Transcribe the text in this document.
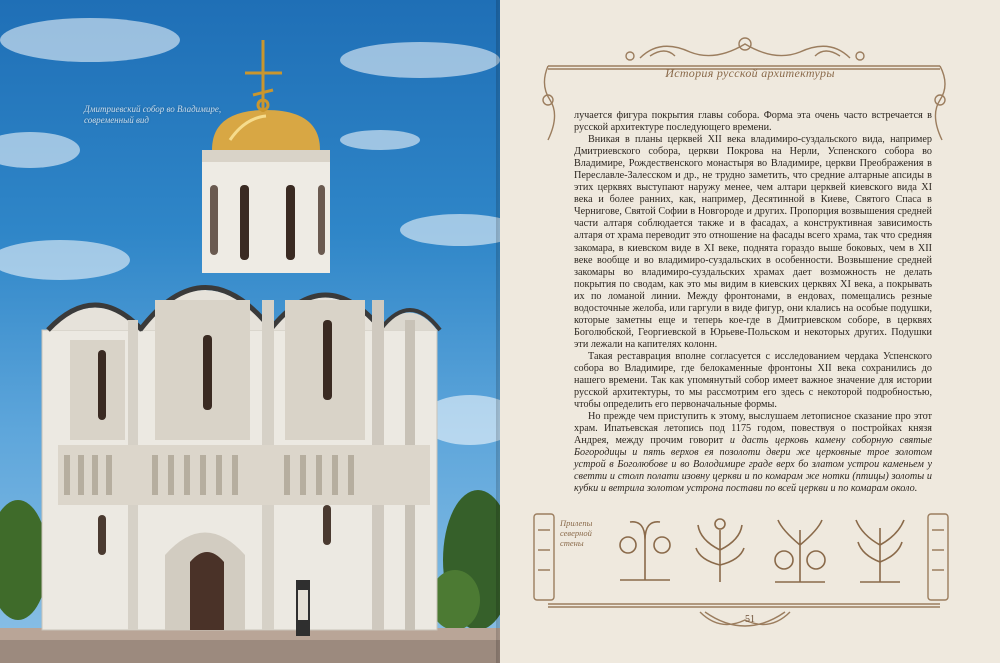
Дмитриевский собор во Владимире, современный вид
История русской архитектуры

лучается фигура покрытия главы собора. Форма эта очень часто встречается в русской архитектуре последующего времени.

Вникая в планы церквей XII века владимиро-суздальского вида, например Дмитриевского собора, церкви Покрова на Нерли, Успенского собора во Владимире, Рождественского монастыря во Владимире, церкви Преображения в Переславле-Залесском и др., не трудно заметить, что средние алтарные апсиды в этих церквях выступают наружу менее, чем алтари церквей киевского вида XI века и более ранних, как, например, Десятинной в Киеве, Святого Спаса в Чернигове, Святой Софии в Новгороде и других. Пропорция возвышения средней части алтаря соблюдается также и в фасадах, а конструктивная зависимость алтаря от храма переводит это отношение на фасады всего храма, так что средняя закомара, в киевском виде в XI веке, поднята гораздо выше боковых, чем в XII веке вообще и во владимиро-суздальских в особенности. Возвышение средней закомары во владимиро-суздальских храмах дает возможность не делать покрытия по сводам, как это мы видим в киевских церквях XI века, а покрывать их по ломаной линии. Между фронтонами, в ендовах, помещались резные водосточные желоба, или гаргули в виде фигур, они клались на особые подушки, которые заметны еще и теперь кое-где в Дмитриевском соборе, в церквях Боголюбской, Георгиевской в Юрьеве-Польском и некоторых других. Подушки эти лежали на капителях колонн.

Такая реставрация вполне согласуется с исследованием чердака Успенского собора во Владимире, где белокаменные фронтоны XII века сохранились до нашего времени. Так как упомянутый собор имеет важное значение для истории русской архитектуры, то мы рассмотрим его здесь с некоторой подробностью, чтобы определить его первоначальные формы.

Но прежде чем приступить к этому, выслушаем летописное сказание про этот храм. Ипатьевская летопись под 1175 годом, повествуя о постройках князя Андрея, между прочим говорит и дасть церковь камену соборную святые Богородицы и пять верхов ея позолоти двери же церковные трое золотом устрой в Боголюбове и во Володимире граде верх бо златом устрои каменьем у светти и столп полати изовну церкви и по комарам же нотки (птицы) золоты и кубки и ветрила золотом устрона постави по всей церкви и по комарам около.

Прилепы северной стены
51
